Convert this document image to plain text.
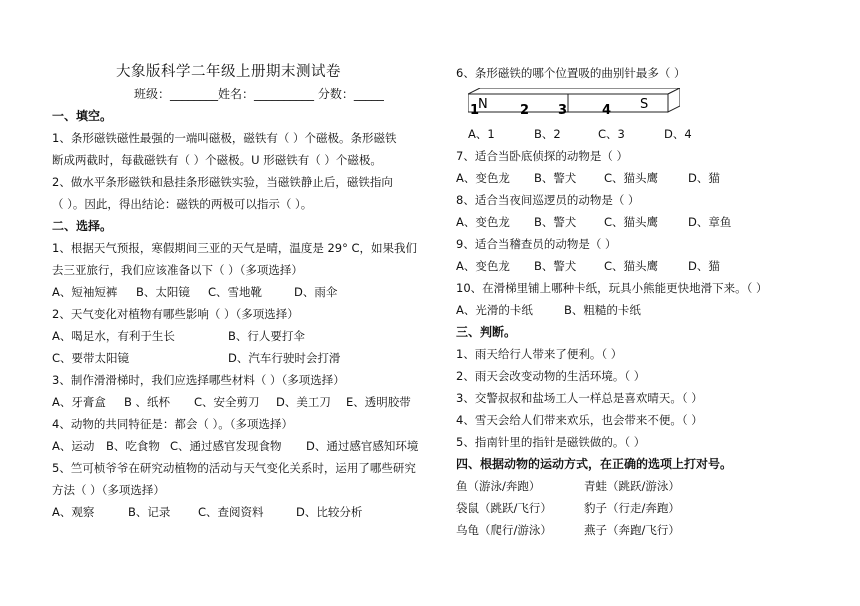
大象版科学二年级上册期末测试卷
班级：________姓名：__________ 分数：_____
一、填空。
1、条形磁铁磁性最强的一端叫磁极，磁铁有（ ）个磁极。条形磁铁
断成两截时，每截磁铁有（ ）个磁极。U 形磁铁有（ ）个磁极。
2、做水平条形磁铁和悬挂条形磁铁实验，当磁铁静止后，磁铁指向
（ ）。因此，得出结论：磁铁的两极可以指示（ ）。
二、选择。
1、根据天气预报，寒假期间三亚的天气是晴，温度是 29° C，如果我们
去三亚旅行，我们应该准备以下（ ）（多项选择）
A、短袖短裤 B、太阳镜 C、雪地靴	D、雨伞
2、天气变化对植物有哪些影响（ ）（多项选择）
A、喝足水，有利于生长	B、行人要打伞
C、要带太阳镜	D、汽车行驶时会打滑
3、制作滑滑梯时，我们应选择哪些材料（ ）（多项选择）
A、牙膏盒 B 、纸杯 C、安全剪刀 D、美工刀 E、透明胶带
4、动物的共同特征是：都会（ ）。（多项选择）
A、运动 B、吃食物 C、通过感官发现食物 D、通过感官感知环境
5、竺可桢爷爷在研究动植物的活动与天气变化关系时，运用了哪些研究
方法（ ）（多项选择）
A、观察	B、记录 C、查阅资料	D、比较分析
6、条形磁铁的哪个位置吸的曲别针最多（ ）
N	S
1	2 3	4
A、1	B、2	C、3	D、4
7、适合当卧底侦探的动物是（ ）
A、变色龙 B、警犬 C、猫头鹰	D、猫
8、适合当夜间巡逻员的动物是（ ）
A、变色龙 B、警犬 C、猫头鹰	D、章鱼
9、适合当稽查员的动物是（ ）
A、变色龙 B、警犬 C、猫头鹰	D、猫
10、在滑梯里铺上哪种卡纸，玩具小熊能更快地滑下来。（ ）
A、光滑的卡纸	B、粗糙的卡纸
三、判断。
1、雨天给行人带来了便利。（ ）
2、雨天会改变动物的生活环境。（ ）
3、交警叔叔和盐场工人一样总是喜欢晴天。（ ）
4、雪天会给人们带来欢乐，也会带来不便。（ ）
5、指南针里的指针是磁铁做的。（ ）
四、根据动物的运动方式，在正确的选项上打对号。
鱼（游泳/奔跑）	青蛙（跳跃/游泳）
袋鼠（跳跃/飞行）	豹子（行走/奔跑）
乌龟（爬行/游泳）	燕子（奔跑/飞行）
